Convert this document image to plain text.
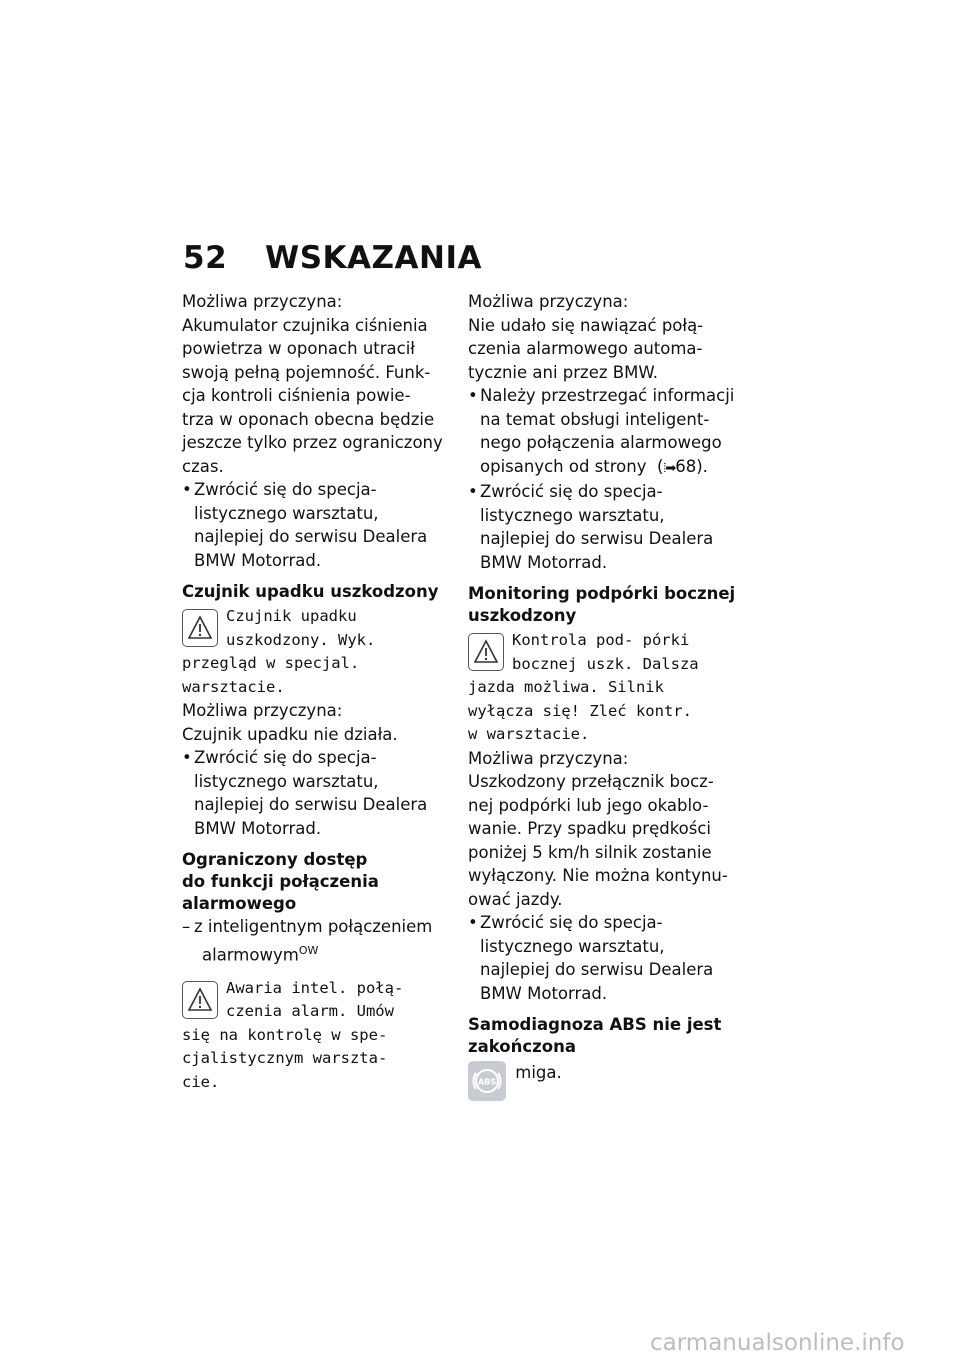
52 WSKAZANIA

Możliwa przyczyna:

Akumulator czujnika ciśnienia

powietrza w oponach utracił

swoją pełną pojemność. Funk-

cja kontroli ciśnienia powie-

trza w oponach obecna będzie

jeszcze tylko przez ograniczony

czas.

• Zwrócić się do specja-
listycznego warsztatu,
najlepiej do serwisu Dealera
BMW Motorrad.

Czujnik upadku uszkodzony

Czujnik upadku
uszkodzony. Wyk.
przegląd w specjal.
warsztacie.

Możliwa przyczyna:

Czujnik upadku nie działa.

• Zwrócić się do specja-
listycznego warsztatu,
najlepiej do serwisu Dealera
BMW Motorrad.

Ograniczony dostęp

do funkcji połączenia

alarmowego

– z inteligentnym połączeniem
alarmowym$^{OW}$
Awaria intel. połą-
czenia alarm. Umów
się na kontrolę w spe-
cjalistycznym warszta-
cie.

Możliwa przyczyna:

Nie udało się nawiązać połą-

czenia alarmowego automa-

tycznie ani przez BMW.

• Należy przestrzegać informacji
na temat obsługi inteligent-
nego połączenia alarmowego
opisanych od strony  (⦙➡68).
• Zwrócić się do specja-
listycznego warsztatu,
najlepiej do serwisu Dealera
BMW Motorrad.

Monitoring podpórki bocznej

uszkodzony

Kontrola pod- pórki
bocznej uszk. Dalsza
jazda możliwa. Silnik
wyłącza się! Zleć kontr.
w warsztacie.

Możliwa przyczyna:

Uszkodzony przełącznik bocz-

nej podpórki lub jego okablo-

wanie. Przy spadku prędkości

poniżej 5 km/h silnik zostanie

wyłączony. Nie można kontynu-

ować jazdy.

• Zwrócić się do specja-
listycznego warsztatu,
najlepiej do serwisu Dealera
BMW Motorrad.

Samodiagnoza ABS nie jest

zakończona

ABS miga.
carmanualsonline.info
